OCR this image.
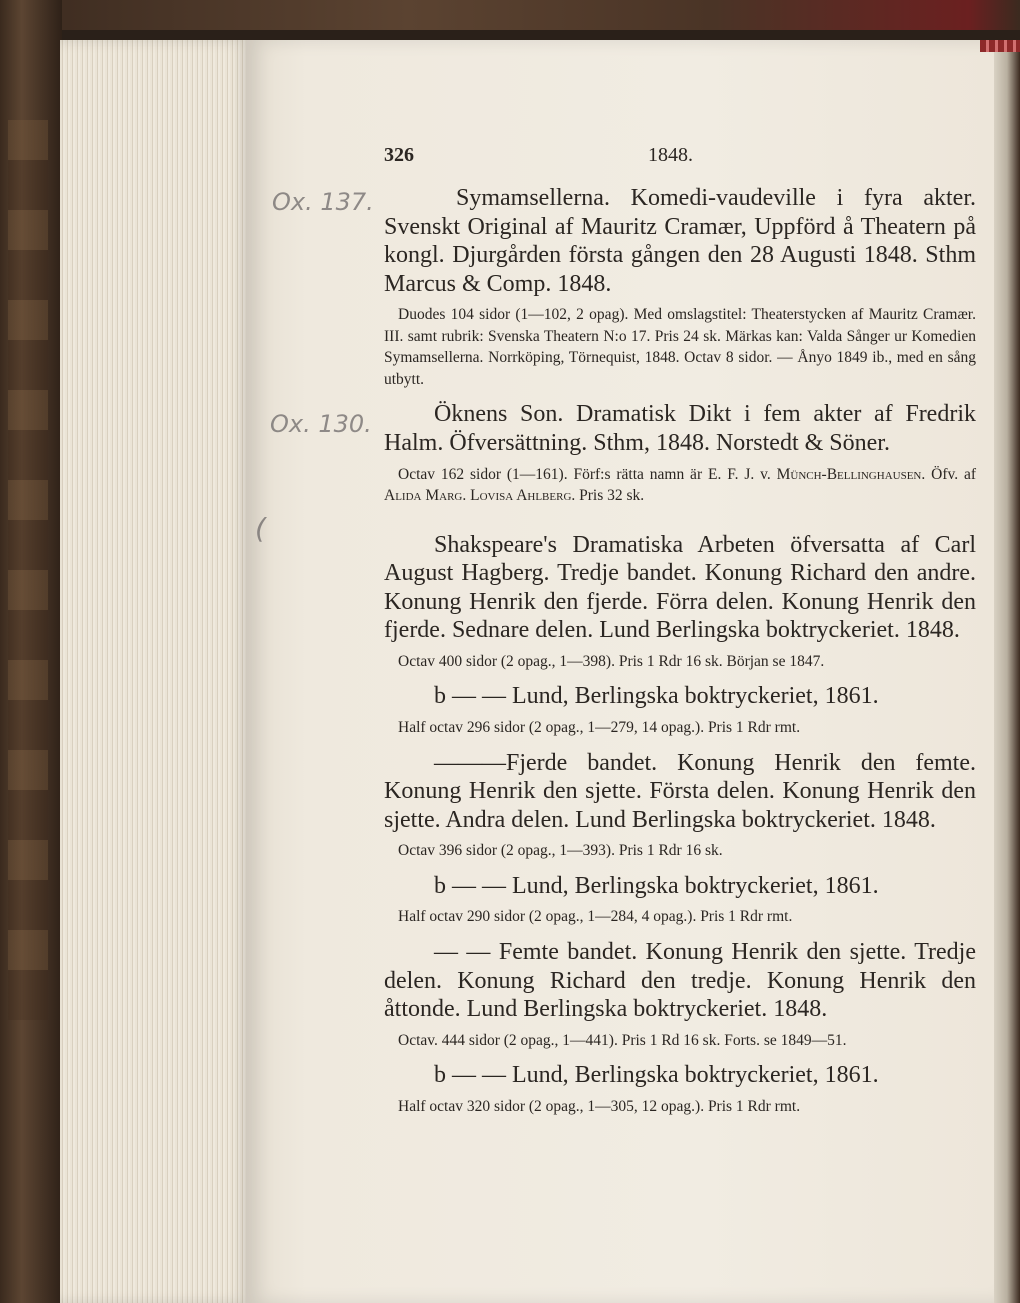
Ox. 137.
Ox. 130.
(
326	1848.
Symamsellerna. Komedi-vaudeville i fyra akter. Svenskt Original af Mauritz Cramær, Uppförd å Theatern på kongl. Djurgården första gången den 28 Augusti 1848. Sthm Marcus & Comp. 1848.
Duodes 104 sidor (1—102, 2 opag). Med omslagstitel: Theaterstycken af Mauritz Cramær. III. samt rubrik: Svenska Theatern N:o 17. Pris 24 sk. Märkas kan: Valda Sånger ur Komedien Symamsellerna. Norrköping, Törnequist, 1848. Octav 8 sidor. — Ånyo 1849 ib., med en sång utbytt.
Öknens Son. Dramatisk Dikt i fem akter af Fredrik Halm. Öfversättning. Sthm, 1848. Norstedt & Söner.
Octav 162 sidor (1—161). Förf:s rätta namn är E. F. J. v. Münch-Bellinghausen. Öfv. af Alida Marg. Lovisa Ahlberg. Pris 32 sk.
Shakspeare's Dramatiska Arbeten öfversatta af Carl August Hagberg. Tredje bandet. Konung Richard den andre. Konung Henrik den fjerde. Förra delen. Konung Henrik den fjerde. Sednare delen. Lund Berlingska boktryckeriet. 1848.
Octav 400 sidor (2 opag., 1—398). Pris 1 Rdr 16 sk. Början se 1847.
b — — Lund, Berlingska boktryckeriet, 1861.
Half octav 296 sidor (2 opag., 1—279, 14 opag.). Pris 1 Rdr rmt.
———Fjerde bandet. Konung Henrik den femte. Konung Henrik den sjette. Första delen. Konung Henrik den sjette. Andra delen. Lund Berlingska boktryckeriet. 1848.
Octav 396 sidor (2 opag., 1—393). Pris 1 Rdr 16 sk.
b — — Lund, Berlingska boktryckeriet, 1861.
Half octav 290 sidor (2 opag., 1—284, 4 opag.). Pris 1 Rdr rmt.
— — Femte bandet. Konung Henrik den sjette. Tredje delen. Konung Richard den tredje. Konung Henrik den åttonde. Lund Berlingska boktryckeriet. 1848.
Octav. 444 sidor (2 opag., 1—441). Pris 1 Rd 16 sk. Forts. se 1849—51.
b — — Lund, Berlingska boktryckeriet, 1861.
Half octav 320 sidor (2 opag., 1—305, 12 opag.). Pris 1 Rdr rmt.
